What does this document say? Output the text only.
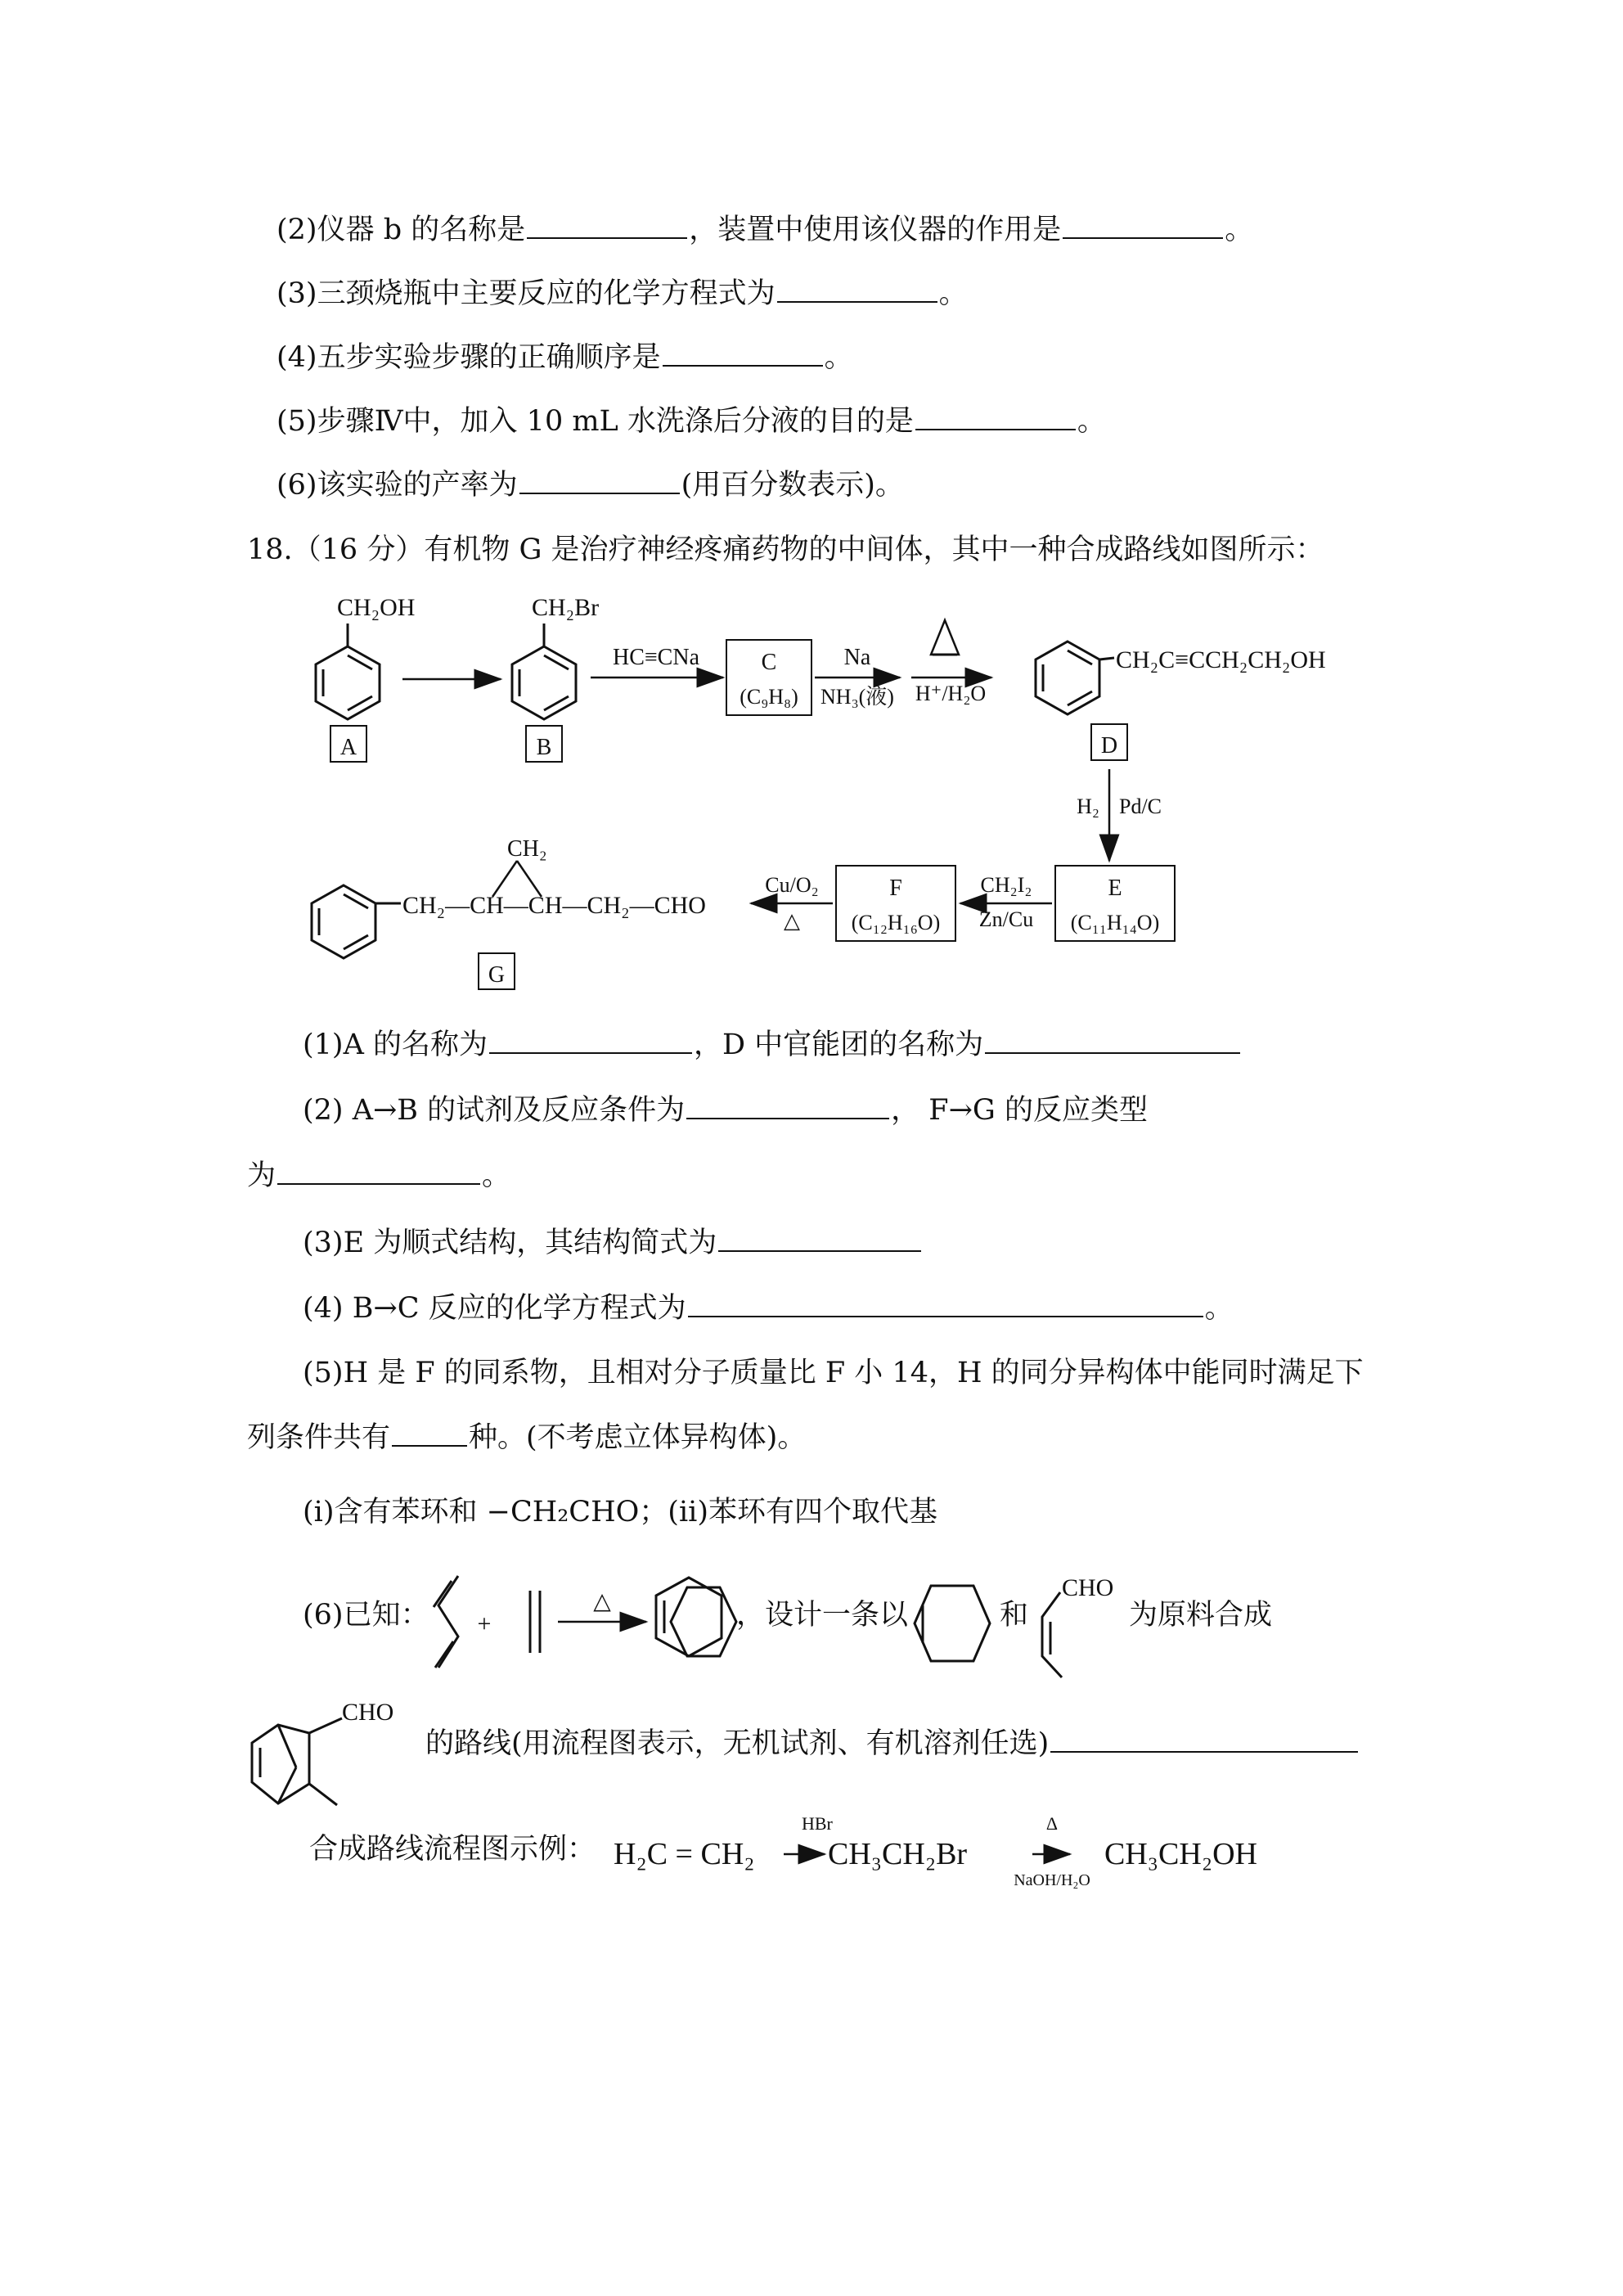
(2)仪器 b 的名称是	，装置中使用该仪器的作用是	。
(3)三颈烧瓶中主要反应的化学方程式为	。
(4)五步实验步骤的正确顺序是	。
(5)步骤Ⅳ中，加入 10 mL 水洗涤后分液的目的是	。
(6)该实验的产率为	(用百分数表示)。
18.（16 分）有机物 G 是治疗神经疼痛药物的中间体，其中一种合成路线如图所示：
CH₂OH	CH₂Br
A	B
C
(C₉H₈)
HC≡CNa	Na
NH₃(液) H⁺/H₂O
CH₂C≡CCH₂CH₂OH
D
H₂ Pd/C
E
(C₁₁H₁₄O)
CH₂I₂
Zn/Cu
F
(C₁₂H₁₆O)
Cu/O₂
△
CH₂
CH₂—CH—CH—CH₂—CHO
G
(1)A 的名称为	，D 中官能团的名称为
(2) A→B 的试剂及反应条件为	， F→G 的反应类型
为	。
(3)E 为顺式结构，其结构简式为
(4) B→C 反应的化学方程式为	。
(5)H 是 F 的同系物，且相对分子质量比 F 小 14，H 的同分异构体中能同时满足下
列条件共有	种。(不考虑立体异构体)。
(i)含有苯环和 −CH₂CHO；(ii)苯环有四个取代基
(6)已知： +
△
CHO
，设计一条以	和	为原料合成
CHO
的路线(用流程图表示，无机试剂、有机溶剂任选)
合成路线流程图示例： H₂C = CH₂
HBr
CH₃CH₂Br
Δ
NaOH/H₂O
CH₃CH₂OH
